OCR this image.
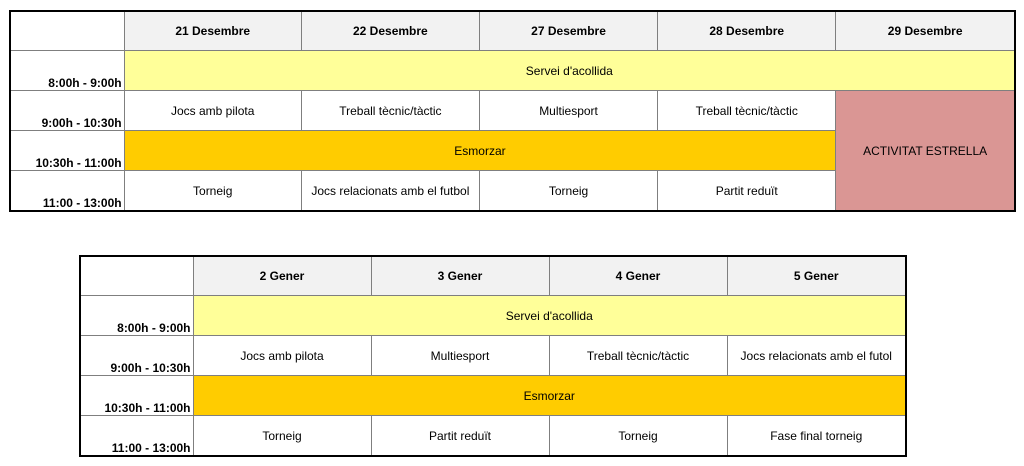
	21 Desembre	22 Desembre	27 Desembre	28 Desembre	29 Desembre
8:00h - 9:00h	Servei d'acollida				
9:00h - 10:30h	Jocs amb pilota	Treball tècnic/tàctic	Multiesport	Treball tècnic/tàctic	ACTIVITAT ESTRELLA
10:30h - 11:00h	Esmorzar				
11:00 - 13:00h	Torneig	Jocs relacionats amb el futbol	Torneig	Partit reduït	
	2 Gener	3 Gener	4 Gener	5 Gener
8:00h - 9:00h	Servei d'acollida			
9:00h - 10:30h	Jocs amb pilota	Multiesport	Treball tècnic/tàctic	Jocs relacionats amb el futol
10:30h - 11:00h	Esmorzar			
11:00 - 13:00h	Torneig	Partit reduït	Torneig	Fase final torneig
